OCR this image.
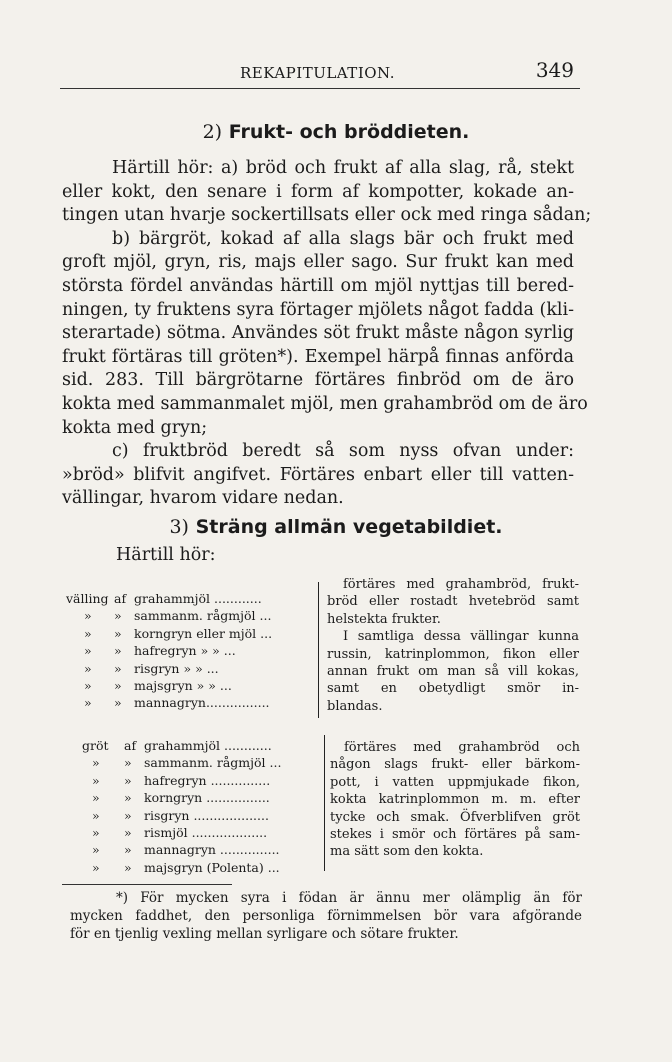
REKAPITULATION.	349
2) Frukt- och bröddieten.

Härtill hör: a) bröd och frukt af alla slag, rå, stekt
eller kokt, den senare i form af kompotter, kokade an-
tingen utan hvarje sockertillsats eller ock med ringa sådan;
b) bärgröt, kokad af alla slags bär och frukt med
groft mjöl, gryn, ris, majs eller sago. Sur frukt kan med
största fördel användas härtill om mjöl nyttjas till bered-
ningen, ty fruktens syra förtager mjölets något fadda (kli-
sterartade) sötma. Användes söt frukt måste någon syrlig
frukt förtäras till gröten*). Exempel härpå finnas anförda
sid. 283. Till bärgrötarne förtäres finbröd om de äro
kokta med sammanmalet mjöl, men grahambröd om de äro
kokta med gryn;
c) fruktbröd beredt så som nyss ofvan under:
»bröd» blifvit angifvet. Förtäres enbart eller till vatten-
vällingar, hvarom vidare nedan.

3) Sträng allmän vegetabildiet.
Härtill hör:
välling af grahammjöl ............
»	» sammanm. rågmjöl ...
»	» korngryn eller mjöl ...
»	» hafregryn » » ...
»	» risgryn » » ...
»	» majsgryn » » ...
»	» mannagryn................
förtäres med grahambröd, frukt-
bröd eller rostadt hvetebröd samt
helstekta frukter.
I samtliga dessa vällingar kunna
russin, katrinplommon, fikon eller
annan frukt om man så vill kokas,
samt en obetydligt smör in-
blandas.
gröt	af grahammjöl ............
»	» sammanm. rågmjöl ...
»	» hafregryn ...............
»	» korngryn ................
»	» risgryn ...................
»	» rismjöl ...................
»	» mannagryn ...............
»	» majsgryn (Polenta) ...
förtäres med grahambröd och
någon slags frukt- eller bärkom-
pott, i vatten uppmjukade fikon,
kokta katrinplommon m. m. efter
tycke och smak. Öfverblifven gröt
stekes i smör och förtäres på sam-
ma sätt som den kokta.
*) För mycken syra i födan är ännu mer olämplig än för
mycken faddhet, den personliga förnimmelsen bör vara afgörande
för en tjenlig vexling mellan syrligare och sötare frukter.
